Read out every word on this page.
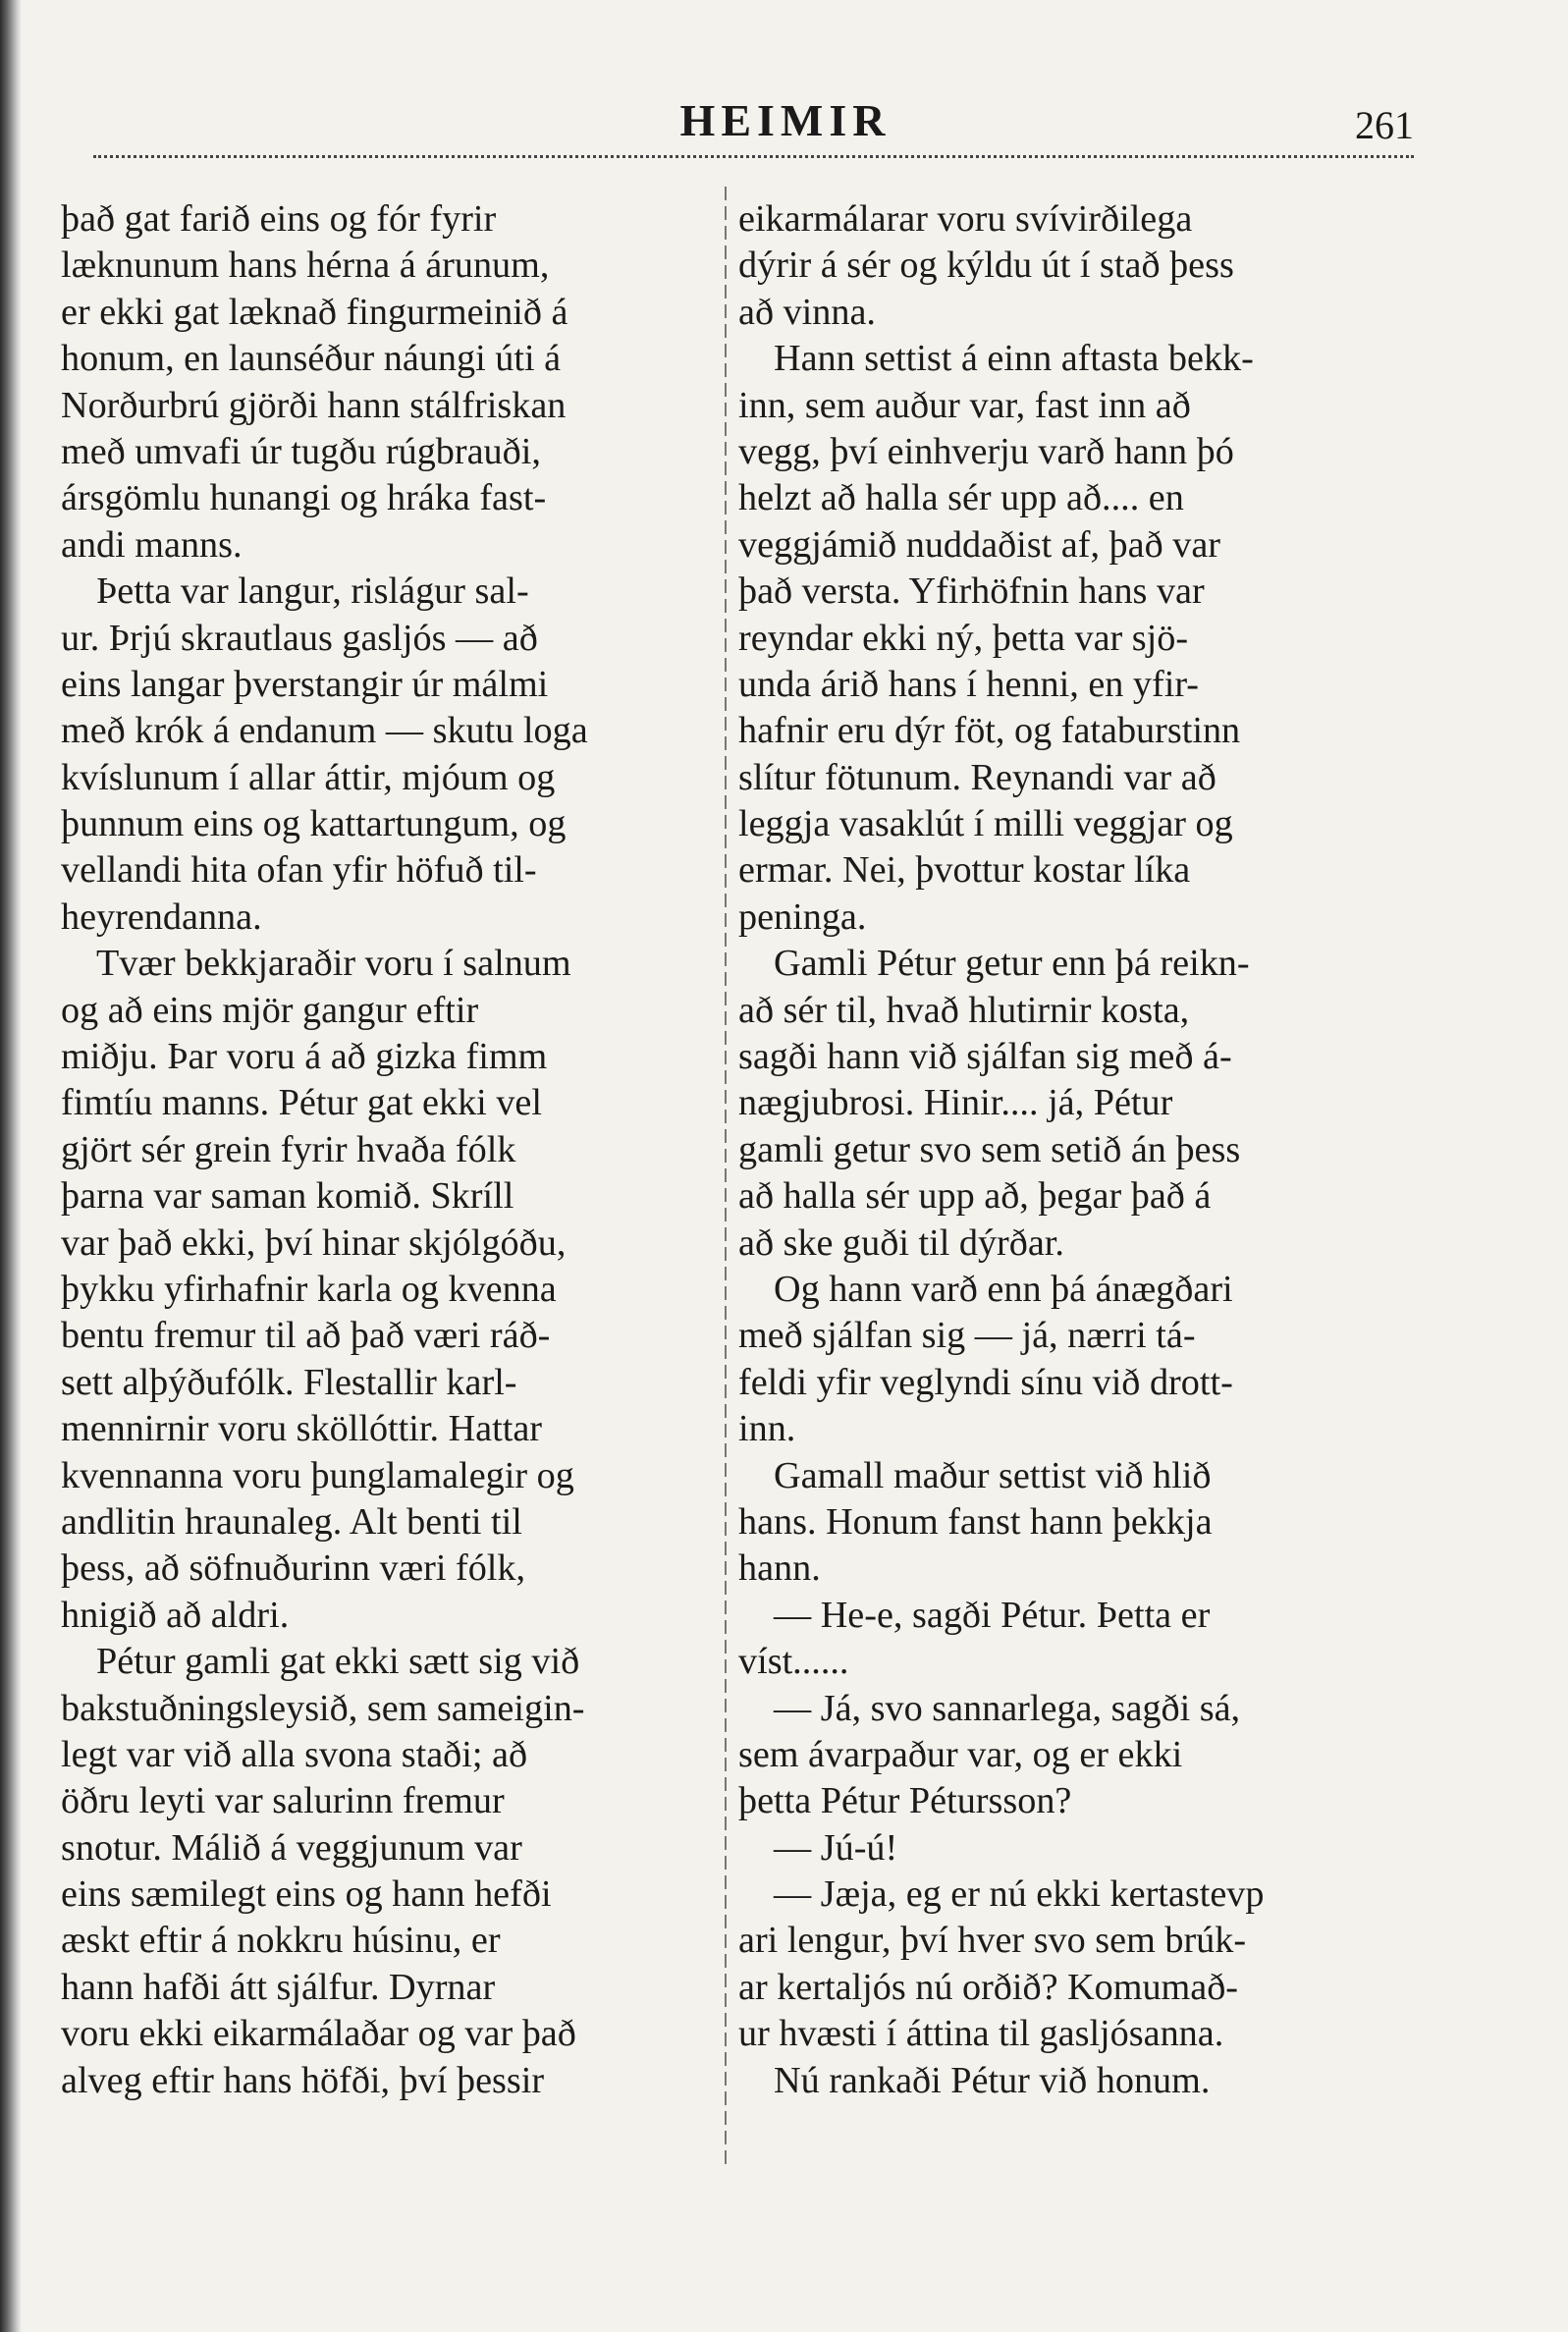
HEIMIR	261
það gat farið eins og fór fyrir
læknunum hans hérna á árunum,
er ekki gat læknað fingurmeinið á
honum, en launséður náungi úti á
Norðurbrú gjörði hann stálfriskan
með umvafi úr tugðu rúgbrauði,
ársgömlu hunangi og hráka fast-
andi manns.
Þetta var langur, rislágur sal-
ur. Þrjú skrautlaus gasljós — að
eins langar þverstangir úr málmi
með krók á endanum — skutu loga
kvíslunum í allar áttir, mjóum og
þunnum eins og kattartungum, og
vellandi hita ofan yfir höfuð til-
heyrendanna.
Tvær bekkjaraðir voru í salnum
og að eins mjör gangur eftir
miðju. Þar voru á að gizka fimm
fimtíu manns. Pétur gat ekki vel
gjört sér grein fyrir hvaða fólk
þarna var saman komið. Skríll
var það ekki, því hinar skjólgóðu,
þykku yfirhafnir karla og kvenna
bentu fremur til að það væri ráð-
sett alþýðufólk. Flestallir karl-
mennirnir voru sköllóttir. Hattar
kvennanna voru þunglamalegir og
andlitin hraunaleg. Alt benti til
þess, að söfnuðurinn væri fólk,
hnigið að aldri.
Pétur gamli gat ekki sætt sig við
bakstuðningsleysið, sem sameigin-
legt var við alla svona staði; að
öðru leyti var salurinn fremur
snotur. Málið á veggjunum var
eins sæmilegt eins og hann hefði
æskt eftir á nokkru húsinu, er
hann hafði átt sjálfur. Dyrnar
voru ekki eikarmálaðar og var það
alveg eftir hans höfði, því þessir
eikarmálarar voru svívirðilega
dýrir á sér og kýldu út í stað þess
að vinna.
Hann settist á einn aftasta bekk-
inn, sem auður var, fast inn að
vegg, því einhverju varð hann þó
helzt að halla sér upp að.... en
veggjámið nuddaðist af, það var
það versta. Yfirhöfnin hans var
reyndar ekki ný, þetta var sjö-
unda árið hans í henni, en yfir-
hafnir eru dýr föt, og fataburstinn
slítur fötunum. Reynandi var að
leggja vasaklút í milli veggjar og
ermar. Nei, þvottur kostar líka
peninga.
Gamli Pétur getur enn þá reikn-
að sér til, hvað hlutirnir kosta,
sagði hann við sjálfan sig með á-
nægjubrosi. Hinir.... já, Pétur
gamli getur svo sem setið án þess
að halla sér upp að, þegar það á
að ske guði til dýrðar.
Og hann varð enn þá ánægðari
með sjálfan sig — já, nærri tá-
feldi yfir veglyndi sínu við drott-
inn.
Gamall maður settist við hlið
hans. Honum fanst hann þekkja
hann.
— He-e, sagði Pétur. Þetta er
víst......
— Já, svo sannarlega, sagði sá,
sem ávarpaður var, og er ekki
þetta Pétur Pétursson?
— Jú-ú!
— Jæja, eg er nú ekki kertastevp
ari lengur, því hver svo sem brúk-
ar kertaljós nú orðið? Komumað-
ur hvæsti í áttina til gasljósanna.
Nú rankaði Pétur við honum.
